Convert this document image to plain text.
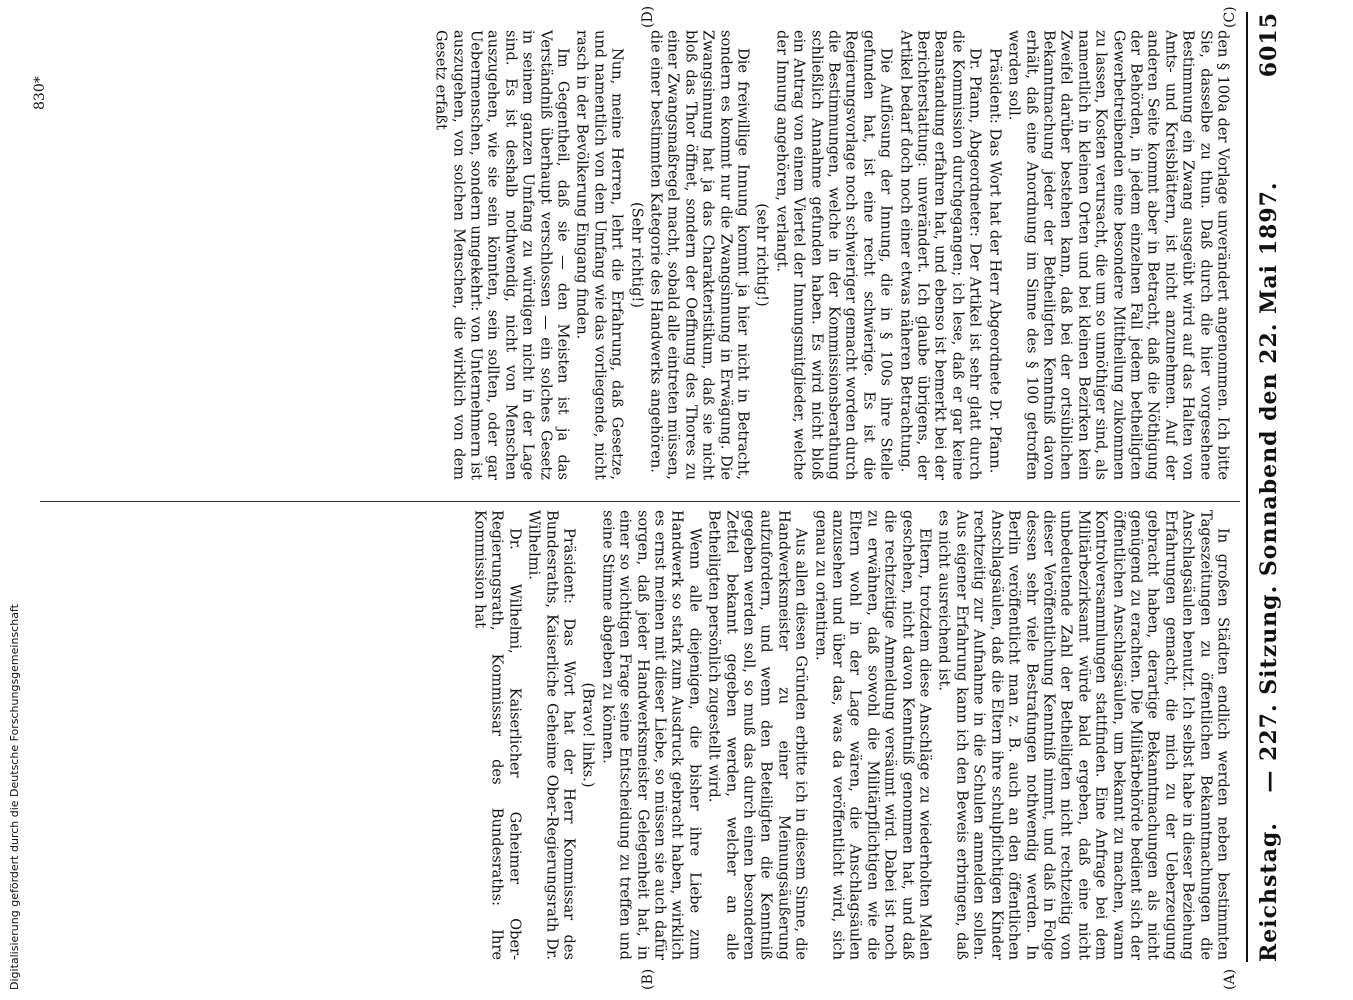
Digitalisierung gefördert durch die Deutsche Forschungsgemeinschaft	Reichstag.
— 227. Sitzung. Sonnabend den 22. Mai 1897.
6015
(A)
(B)
(C)
(D)

In großen Städten endlich werden neben bestimmten Tageszeitungen zu öffentlichen Bekanntmachungen die Anschlagsäulen benutzt. Ich selbst habe in dieser Beziehung Erfahrungen gemacht, die mich zu der Ueberzeugung gebracht haben, derartige Bekanntmachungen als nicht genügend zu erachten. Die Militärbehörde bedient sich der öffentlichen Anschlagsäulen, um bekannt zu machen, wann Kontrolversammlungen stattfinden. Eine Anfrage bei dem Militärbezirksamt würde bald ergeben, daß eine nicht unbedeutende Zahl der Betheiligten nicht rechtzeitig von dieser Veröffentlichung Kenntniß nimmt, und daß in Folge dessen sehr viele Bestrafungen nothwendig werden. In Berlin veröffentlicht man z. B. auch an den öffentlichen Anschlagsäulen, daß die Eltern ihre schulpflichtigen Kinder rechtzeitig zur Aufnahme in die Schulen anmelden sollen. Aus eigener Erfahrung kann ich den Beweis erbringen, daß es nicht ausreichend ist.

Eltern, trotzdem diese Anschläge zu wiederholten Malen geschehen, nicht davon Kenntniß genommen hat, und daß die rechtzeitige Anmeldung versäumt wird. Dabei ist noch zu erwähnen, daß sowohl die Militärpflichtigen wie die Eltern wohl in der Lage wären, die Anschlagsäulen anzusehen und über das, was da veröffentlicht wird, sich genau zu orientiren.

Aus allen diesen Gründen erbitte ich in diesem Sinne, die Handwerksmeister zu einer Meinungsäußerung aufzufordern, und wenn den Beteiligten die Kenntniß gegeben werden soll, so muß das durch einen besonderen Zettel bekannt gegeben werden, welcher an alle Betheiligten persönlich zugestellt wird.

Wenn alle diejenigen, die bisher ihre Liebe zum Handwerk so stark zum Ausdruck gebracht haben, wirklich es ernst meinen mit dieser Liebe, so müssen sie auch dafür sorgen, daß jeder Handwerksmeister Gelegenheit hat, in einer so wichtigen Frage seine Entscheidung zu treffen und seine Stimme abgeben zu können.

(Bravo! links.)

Präsident: Das Wort hat der Herr Kommissar des Bundesraths, Kaiserliche Geheime Ober-Regierungsrath Dr. Wilhelmi.

Dr. Wilhelmi, Kaiserlicher Geheimer Ober-Regierungsrath, Kommissar des Bundesraths: Ihre Kommission hat

den § 100a der Vorlage unverändert angenommen. Ich bitte Sie, dasselbe zu thun. Daß durch die hier vorgesehene Bestimmung ein Zwang ausgeübt wird auf das Halten von Amts- und Kreisblättern, ist nicht anzunehmen. Auf der anderen Seite kommt aber in Betracht, daß die Nöthigung der Behörden, in jedem einzelnen Fall jedem betheiligten Gewerbetreibenden eine besondere Mittheilung zukommen zu lassen, Kosten verursacht, die um so unnöthiger sind, als namentlich in kleinen Orten und bei kleinen Bezirken kein Zweifel darüber bestehen kann, daß bei der ortsüblichen Bekanntmachung jeder der Betheiligten Kenntniß davon erhält, daß eine Anordnung im Sinne des § 100 getroffen werden soll.

Präsident: Das Wort hat der Herr Abgeordnete Dr. Pfann.

Dr. Pfann, Abgeordneter: Der Artikel ist sehr glatt durch die Kommission durchgegangen; ich lese, daß er gar keine Beanstandung erfahren hat, und ebenso ist bemerkt bei der Berichterstattung: unverändert. Ich glaube übrigens, der Artikel bedarf doch noch einer etwas näheren Betrachtung.

Die Auflösung der Innung, die in § 100s ihre Stelle gefunden hat, ist eine recht schwierige. Es ist die Regierungsvorlage noch schwieriger gemacht worden durch die Bestimmungen, welche in der Kommissionsberathung schließlich Annahme gefunden haben. Es wird nicht bloß ein Antrag von einem Viertel der Innungsmitglieder, welche der Innung angehören, verlangt.

(sehr richtig!)

Die freiwillige Innung kommt ja hier nicht in Betracht, sondern es kommt nur die Zwangsinnung in Erwägung. Die Zwangsinnung hat ja das Charakteristikum, daß sie nicht bloß das Thor öffnet, sondern der Oeffnung des Thores zu einer Zwangsmaßregel macht, sobald alle eintreten müssen, die einer bestimmten Kategorie des Handwerks angehören.

(Sehr richtig!)

Nun, meine Herren, lehrt die Erfahrung, daß Gesetze, und namentlich von dem Umfang wie das vorliegende, nicht rasch in der Bevölkerung Eingang finden.

Im Gegentheil, daß sie — den Meisten ist ja das Verständniß überhaupt verschlossen — ein solches Gesetz in seinem ganzen Umfang zu würdigen nicht in der Lage sind. Es ist deshalb nothwendig, nicht von Menschen auszugehen, wie sie sein könnten, sein sollten, oder gar Uebermenschen, sondern umgekehrt: von Unternehmern ist auszugehen, von solchen Menschen, die wirklich von dem Gesetz erfaßt

830*
